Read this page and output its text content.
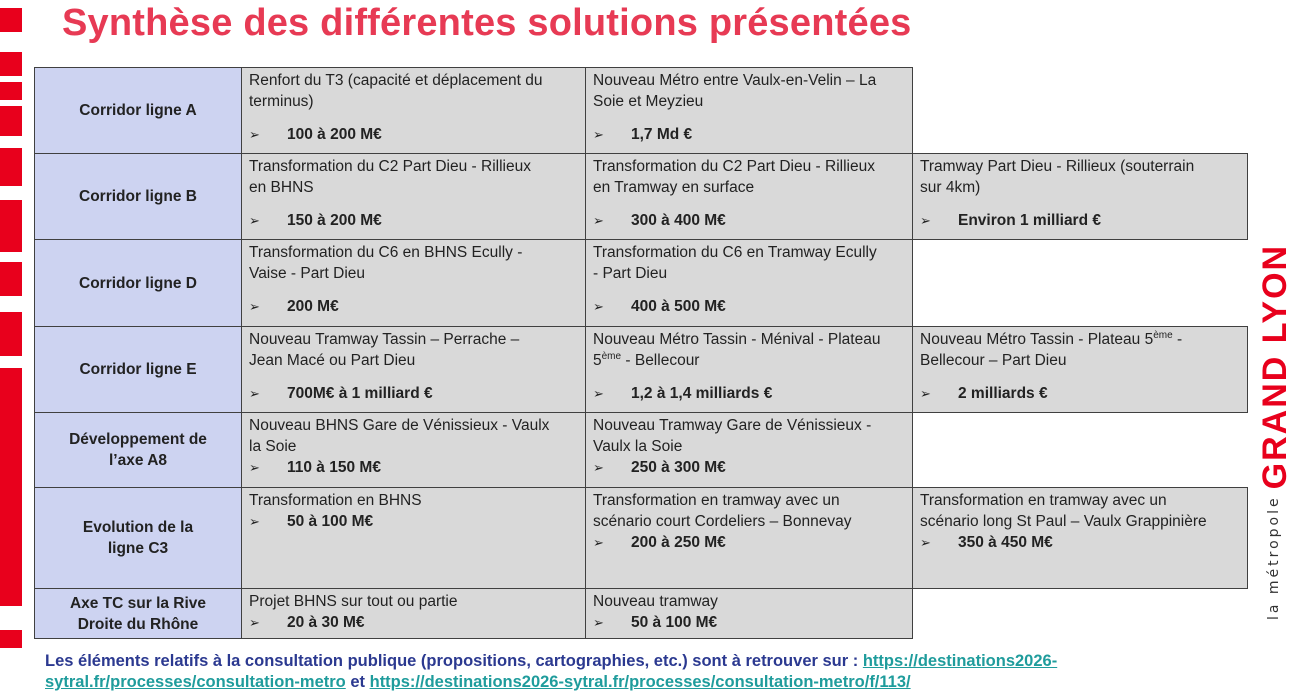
Synthèse des différentes solutions présentées
Corridor ligne A
Renfort du T3 (capacité et déplacement du
terminus)
➢ 100 à 200 M€
Nouveau Métro entre Vaulx-en-Velin – La
Soie et Meyzieu
➢ 1,7 Md €
Corridor ligne B
Transformation du C2 Part Dieu - Rillieux
en BHNS
➢ 150 à 200 M€
Transformation du C2 Part Dieu - Rillieux
en Tramway en surface
➢ 300 à 400 M€
Tramway Part Dieu - Rillieux (souterrain
sur 4km)
➢ Environ 1 milliard €
Corridor ligne D
Transformation du C6 en BHNS Ecully -
Vaise - Part Dieu
➢ 200 M€
Transformation du C6 en Tramway Ecully
- Part Dieu
➢ 400 à 500 M€
Corridor ligne E
Nouveau Tramway Tassin – Perrache –
Jean Macé ou Part Dieu
➢ 700M€ à 1 milliard €
Nouveau Métro Tassin - Ménival - Plateau
5ème - Bellecour
➢ 1,2 à 1,4 milliards €
Nouveau Métro Tassin - Plateau 5ème -
Bellecour – Part Dieu
➢ 2 milliards €
Développement de
l’axe A8
Nouveau BHNS Gare de Vénissieux - Vaulx
la Soie
➢ 110 à 150 M€
Nouveau Tramway Gare de Vénissieux -
Vaulx la Soie
➢ 250 à 300 M€
Evolution de la
ligne C3
Transformation en BHNS
➢ 50 à 100 M€
Transformation en tramway avec un
scénario court Cordeliers – Bonnevay
➢ 200 à 250 M€
Transformation en tramway avec un
scénario long St Paul – Vaulx Grappinière
➢ 350 à 450 M€
Axe TC sur la Rive
Droite du Rhône
Projet BHNS sur tout ou partie
➢ 20 à 30 M€
Nouveau tramway
➢ 50 à 100 M€
la métropoleGRAND LYON

Les éléments relatifs à la consultation publique (propositions, cartographies, etc.) sont à retrouver sur : https://destinations2026-sytral.fr/processes/consultation-metro et https://destinations2026-sytral.fr/processes/consultation-metro/f/113/
